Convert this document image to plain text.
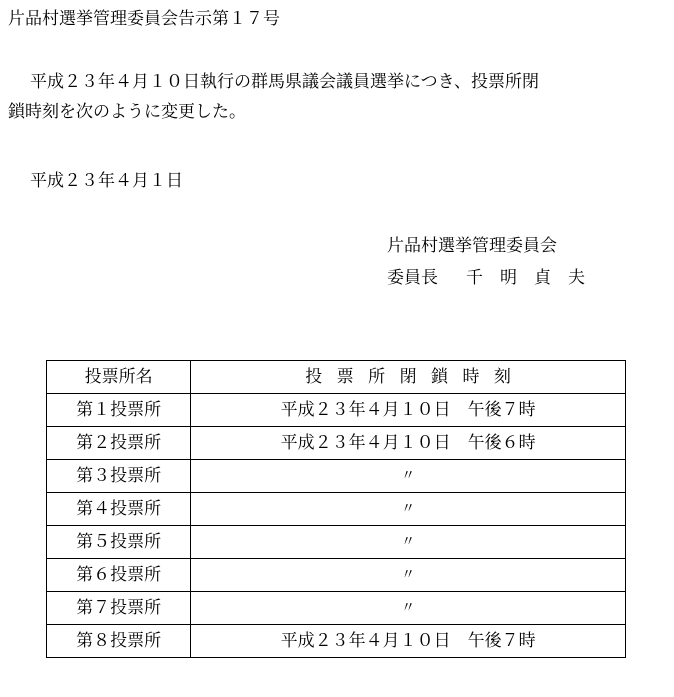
片品村選挙管理委員会告示第１７号
平成２３年４月１０日執行の群馬県議会議員選挙につき、投票所閉
鎖時刻を次のように変更した。
平成２３年４月１日
片品村選挙管理委員会
委員長 千　明　貞　夫
投票所名	投票所閉鎖時刻
第１投票所	平成２３年４月１０日　午後７時
第２投票所	平成２３年４月１０日　午後６時
第３投票所	〃
第４投票所	〃
第５投票所	〃
第６投票所	〃
第７投票所	〃
第８投票所	平成２３年４月１０日　午後７時
